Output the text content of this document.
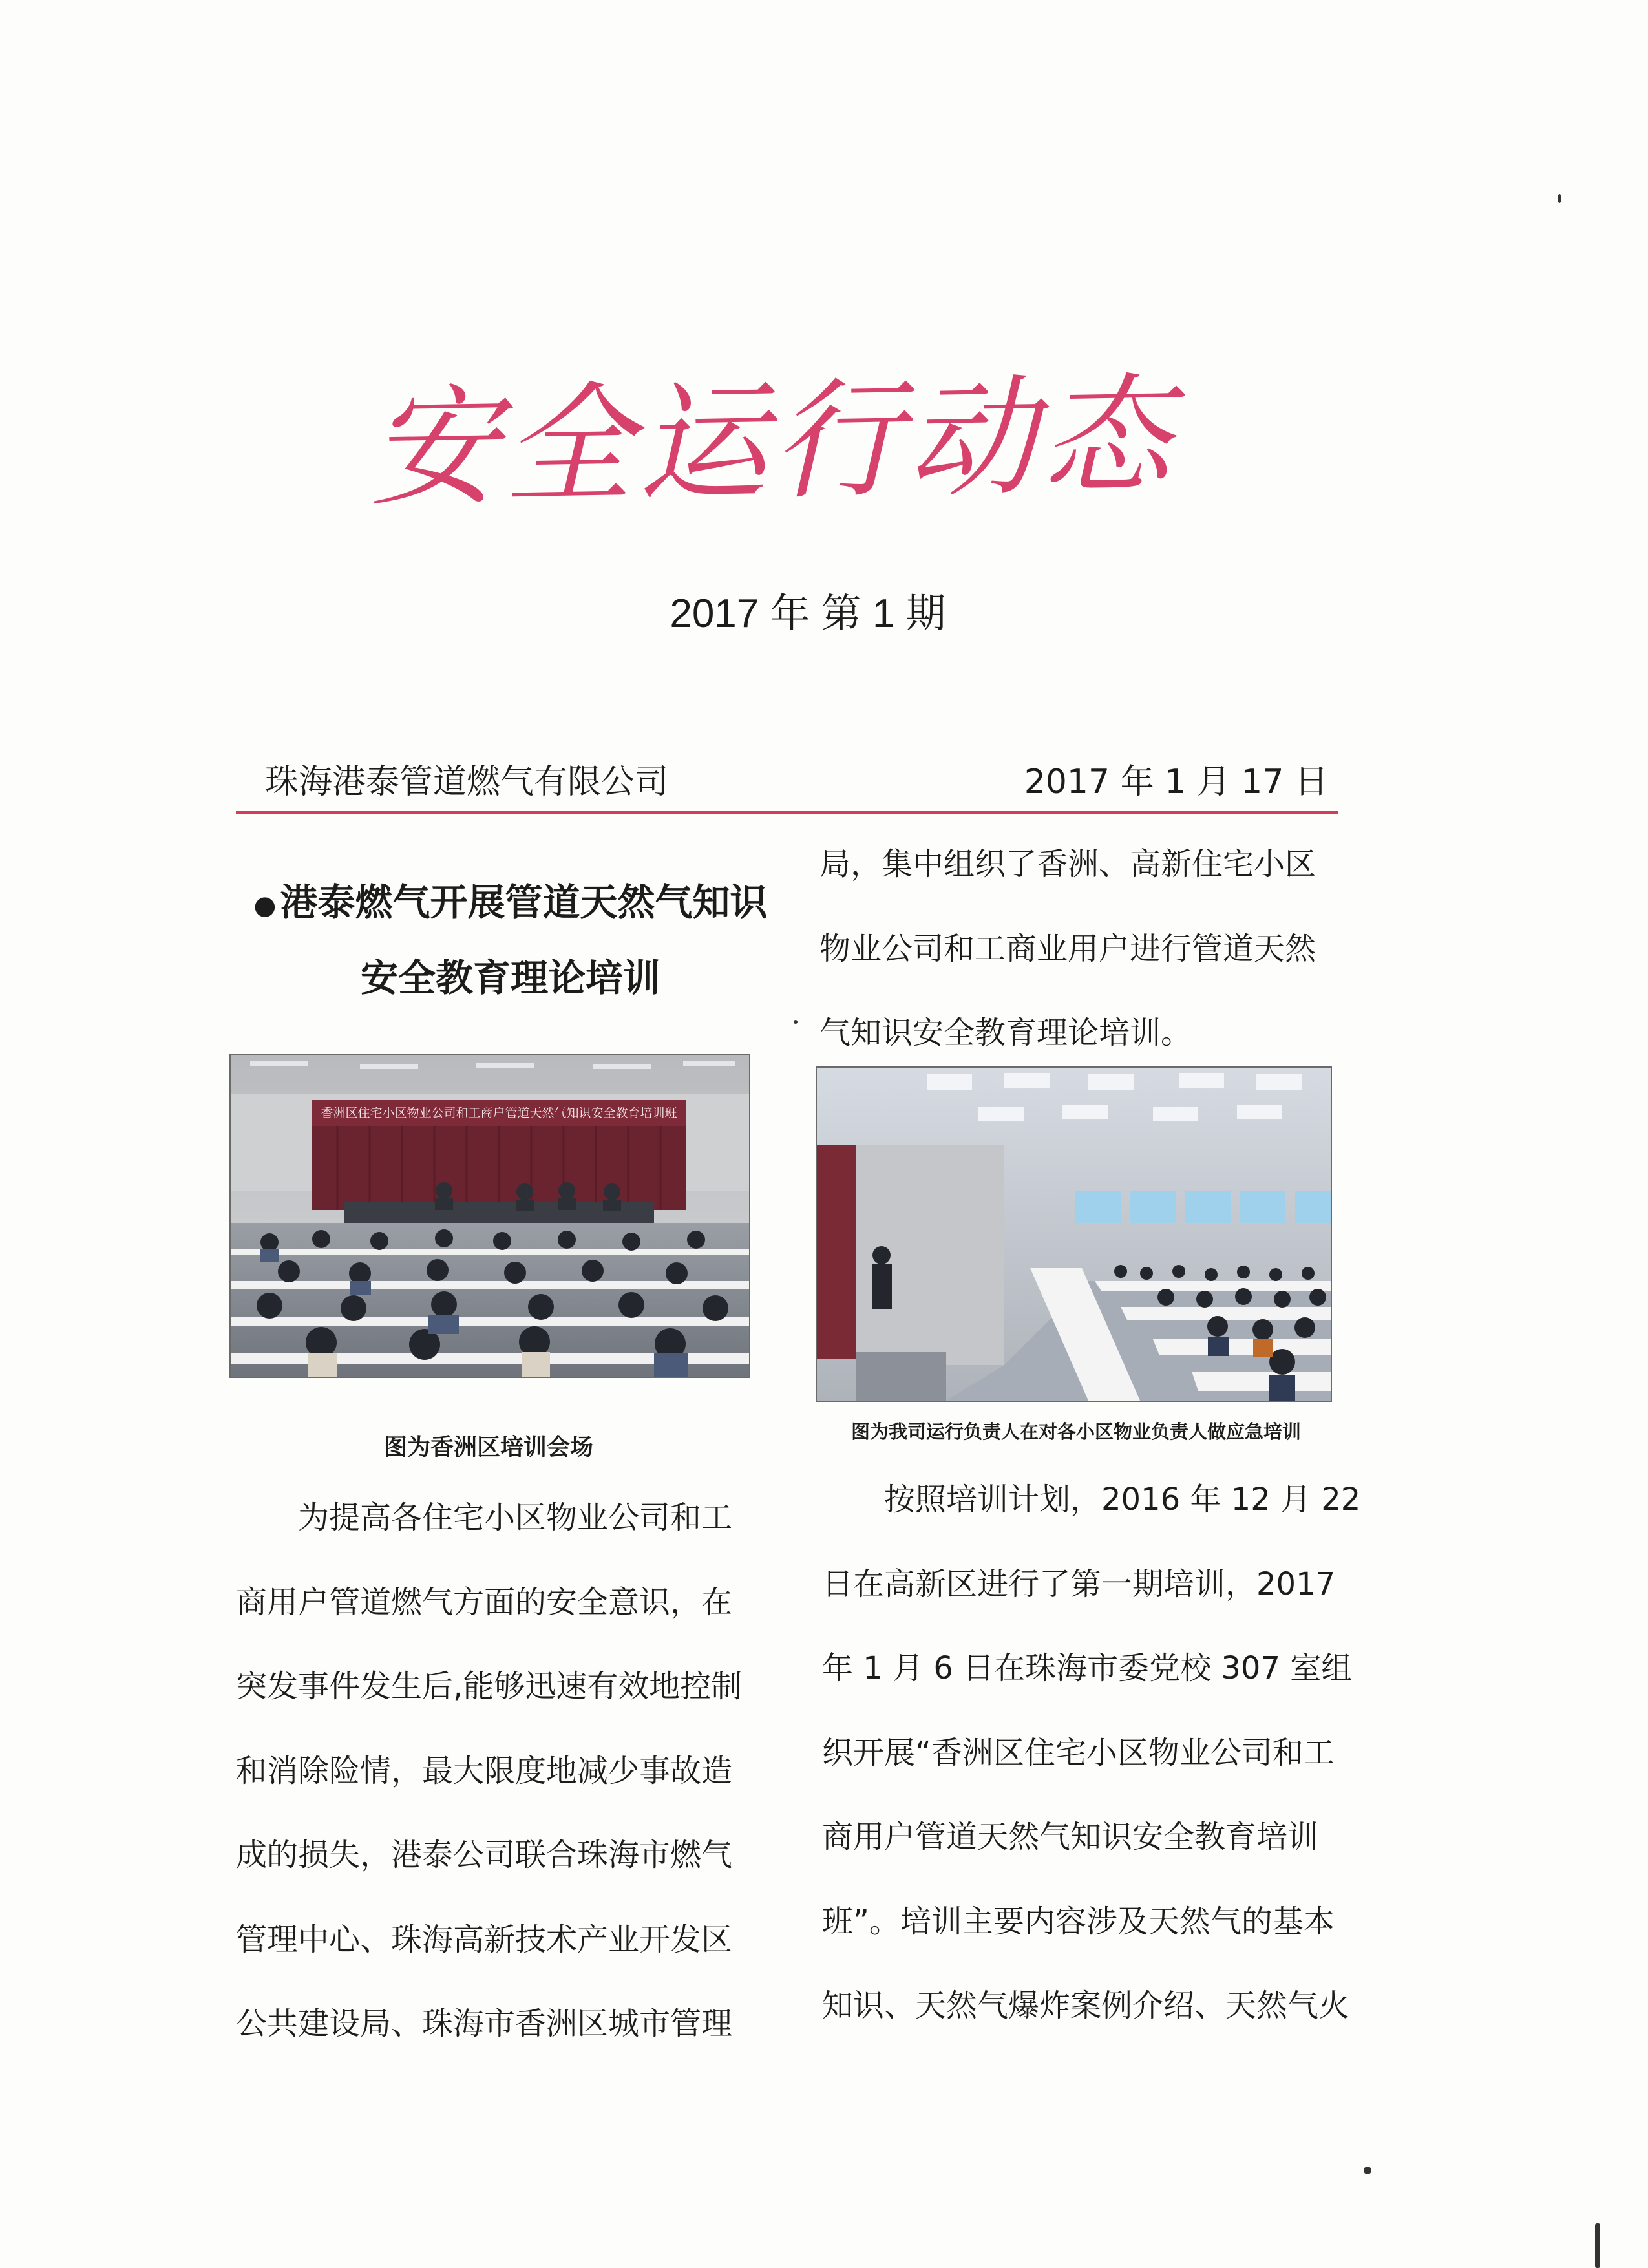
安全运行动态
2017 年 第 1 期
珠海港泰管道燃气有限公司	2017 年 1 月 17 日
● 港泰燃气开展管道天然气知识
安全教育理论培训
香洲区住宅小区物业公司和工商户管道天然气知识安全教育培训班
图为香洲区培训会场
图为我司运行负责人在对各小区物业负责人做应急培训
局，集中组织了香洲、高新住宅小区
物业公司和工商业用户进行管道天然
气知识安全教育理论培训。
为提高各住宅小区物业公司和工
商用户管道燃气方面的安全意识，在
突发事件发生后,能够迅速有效地控制
和消除险情，最大限度地减少事故造
成的损失，港泰公司联合珠海市燃气
管理中心、珠海高新技术产业开发区
公共建设局、珠海市香洲区城市管理
按照培训计划，2016 年 12 月 22
日在高新区进行了第一期培训，2017
年 1 月 6 日在珠海市委党校 307 室组
织开展“香洲区住宅小区物业公司和工
商用户管道天然气知识安全教育培训
班”。培训主要内容涉及天然气的基本
知识、天然气爆炸案例介绍、天然气火
